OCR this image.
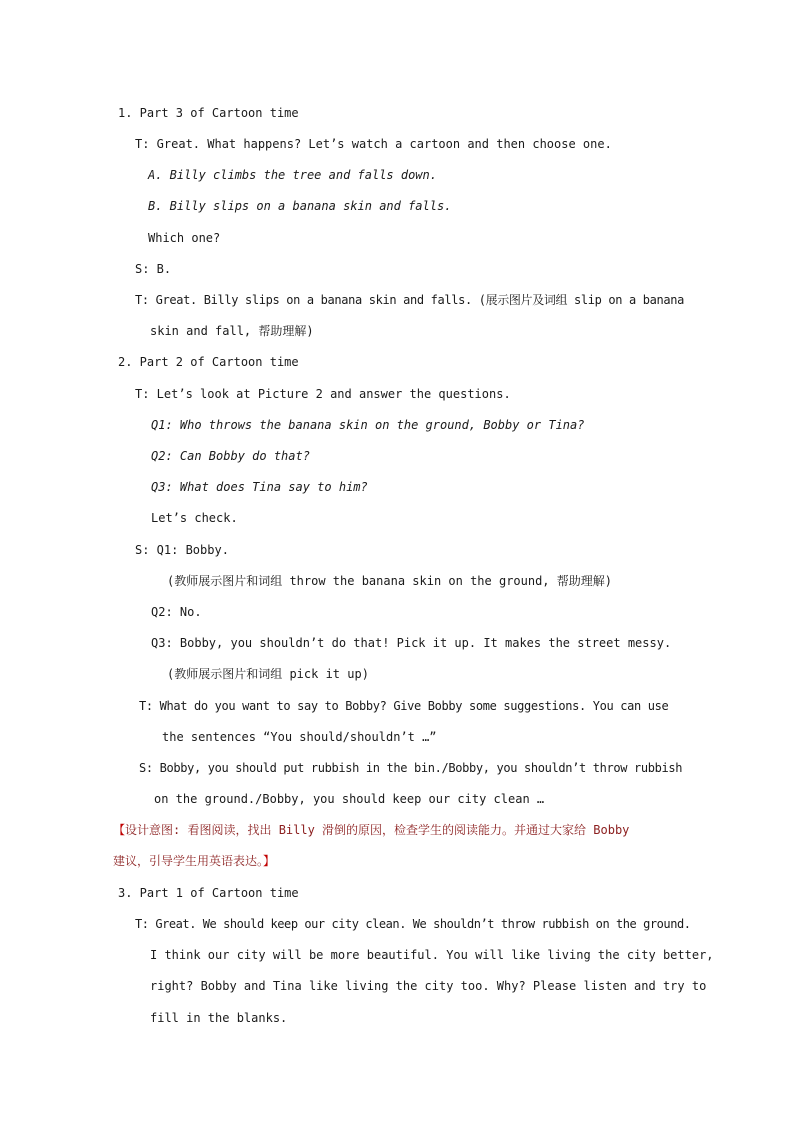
1. Part 3 of Cartoon time
T: Great. What happens? Let’s watch a cartoon and then choose one.
A. Billy climbs the tree and falls down.
B. Billy slips on a banana skin and falls.
Which one?
S: B.
T: Great. Billy slips on a banana skin and falls. (展示图片及词组 slip on a banana
skin and fall, 帮助理解)
2. Part 2 of Cartoon time
T: Let’s look at Picture 2 and answer the questions.
Q1: Who throws the banana skin on the ground, Bobby or Tina?
Q2: Can Bobby do that?
Q3: What does Tina say to him?
Let’s check.
S: Q1: Bobby.
(教师展示图片和词组 throw the banana skin on the ground, 帮助理解)
Q2: No.
Q3: Bobby, you shouldn’t do that! Pick it up. It makes the street messy.
(教师展示图片和词组 pick it up)
T: What do you want to say to Bobby? Give Bobby some suggestions. You can use
the sentences “You should/shouldn’t …”
S: Bobby, you should put rubbish in the bin./Bobby, you shouldn’t throw rubbish
on the ground./Bobby, you should keep our city clean …
【设计意图: 看图阅读，找出 Billy 滑倒的原因，检查学生的阅读能力。并通过大家给 Bobby
建议，引导学生用英语表达。】
3. Part 1 of Cartoon time
T: Great. We should keep our city clean. We shouldn’t throw rubbish on the ground.
I think our city will be more beautiful. You will like living the city better,
right? Bobby and Tina like living the city too. Why? Please listen and try to
fill in the blanks.
